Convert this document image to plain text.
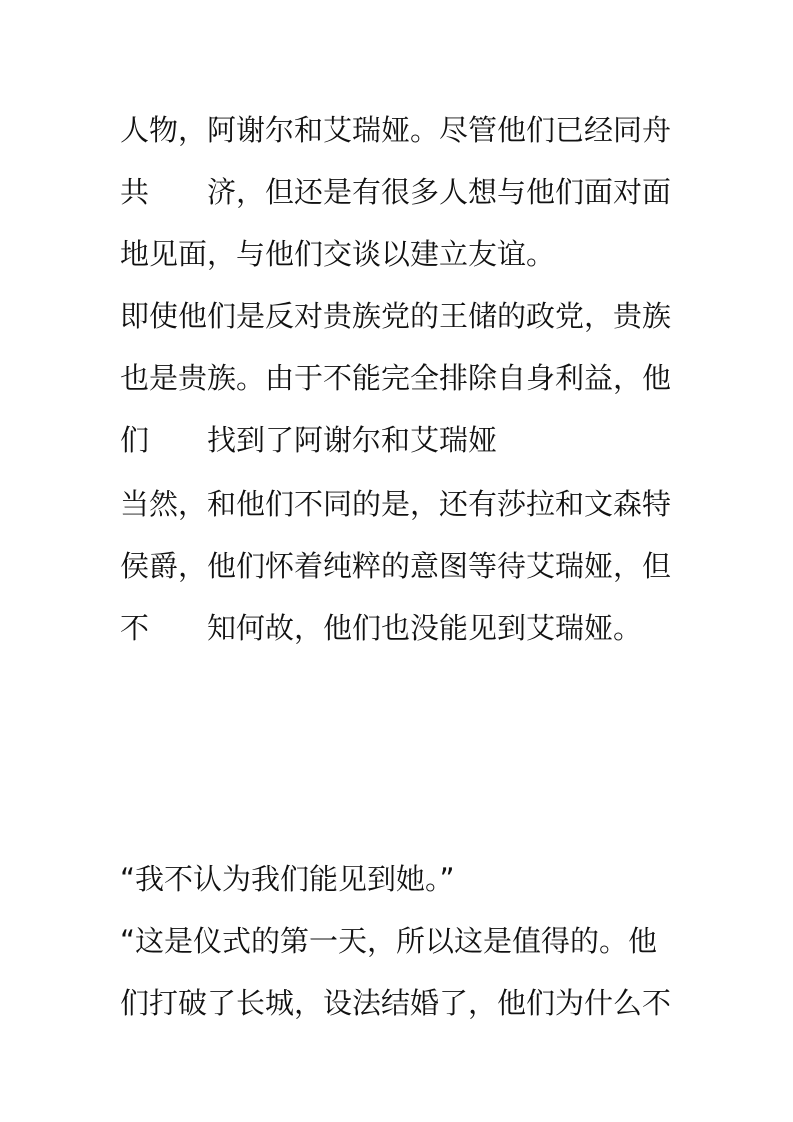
人物，阿谢尔和艾瑞娅。尽管他们已经同舟
共　　济，但还是有很多人想与他们面对面
地见面，与他们交谈以建立友谊。
即使他们是反对贵族党的王储的政党，贵族
也是贵族。由于不能完全排除自身利益，他
们　　找到了阿谢尔和艾瑞娅
当然，和他们不同的是，还有莎拉和文森特
侯爵，他们怀着纯粹的意图等待艾瑞娅，但
不　　知何故，他们也没能见到艾瑞娅。
“我不认为我们能见到她。”
“这是仪式的第一天，所以这是值得的。他
们打破了长城，设法结婚了，他们为什么不
